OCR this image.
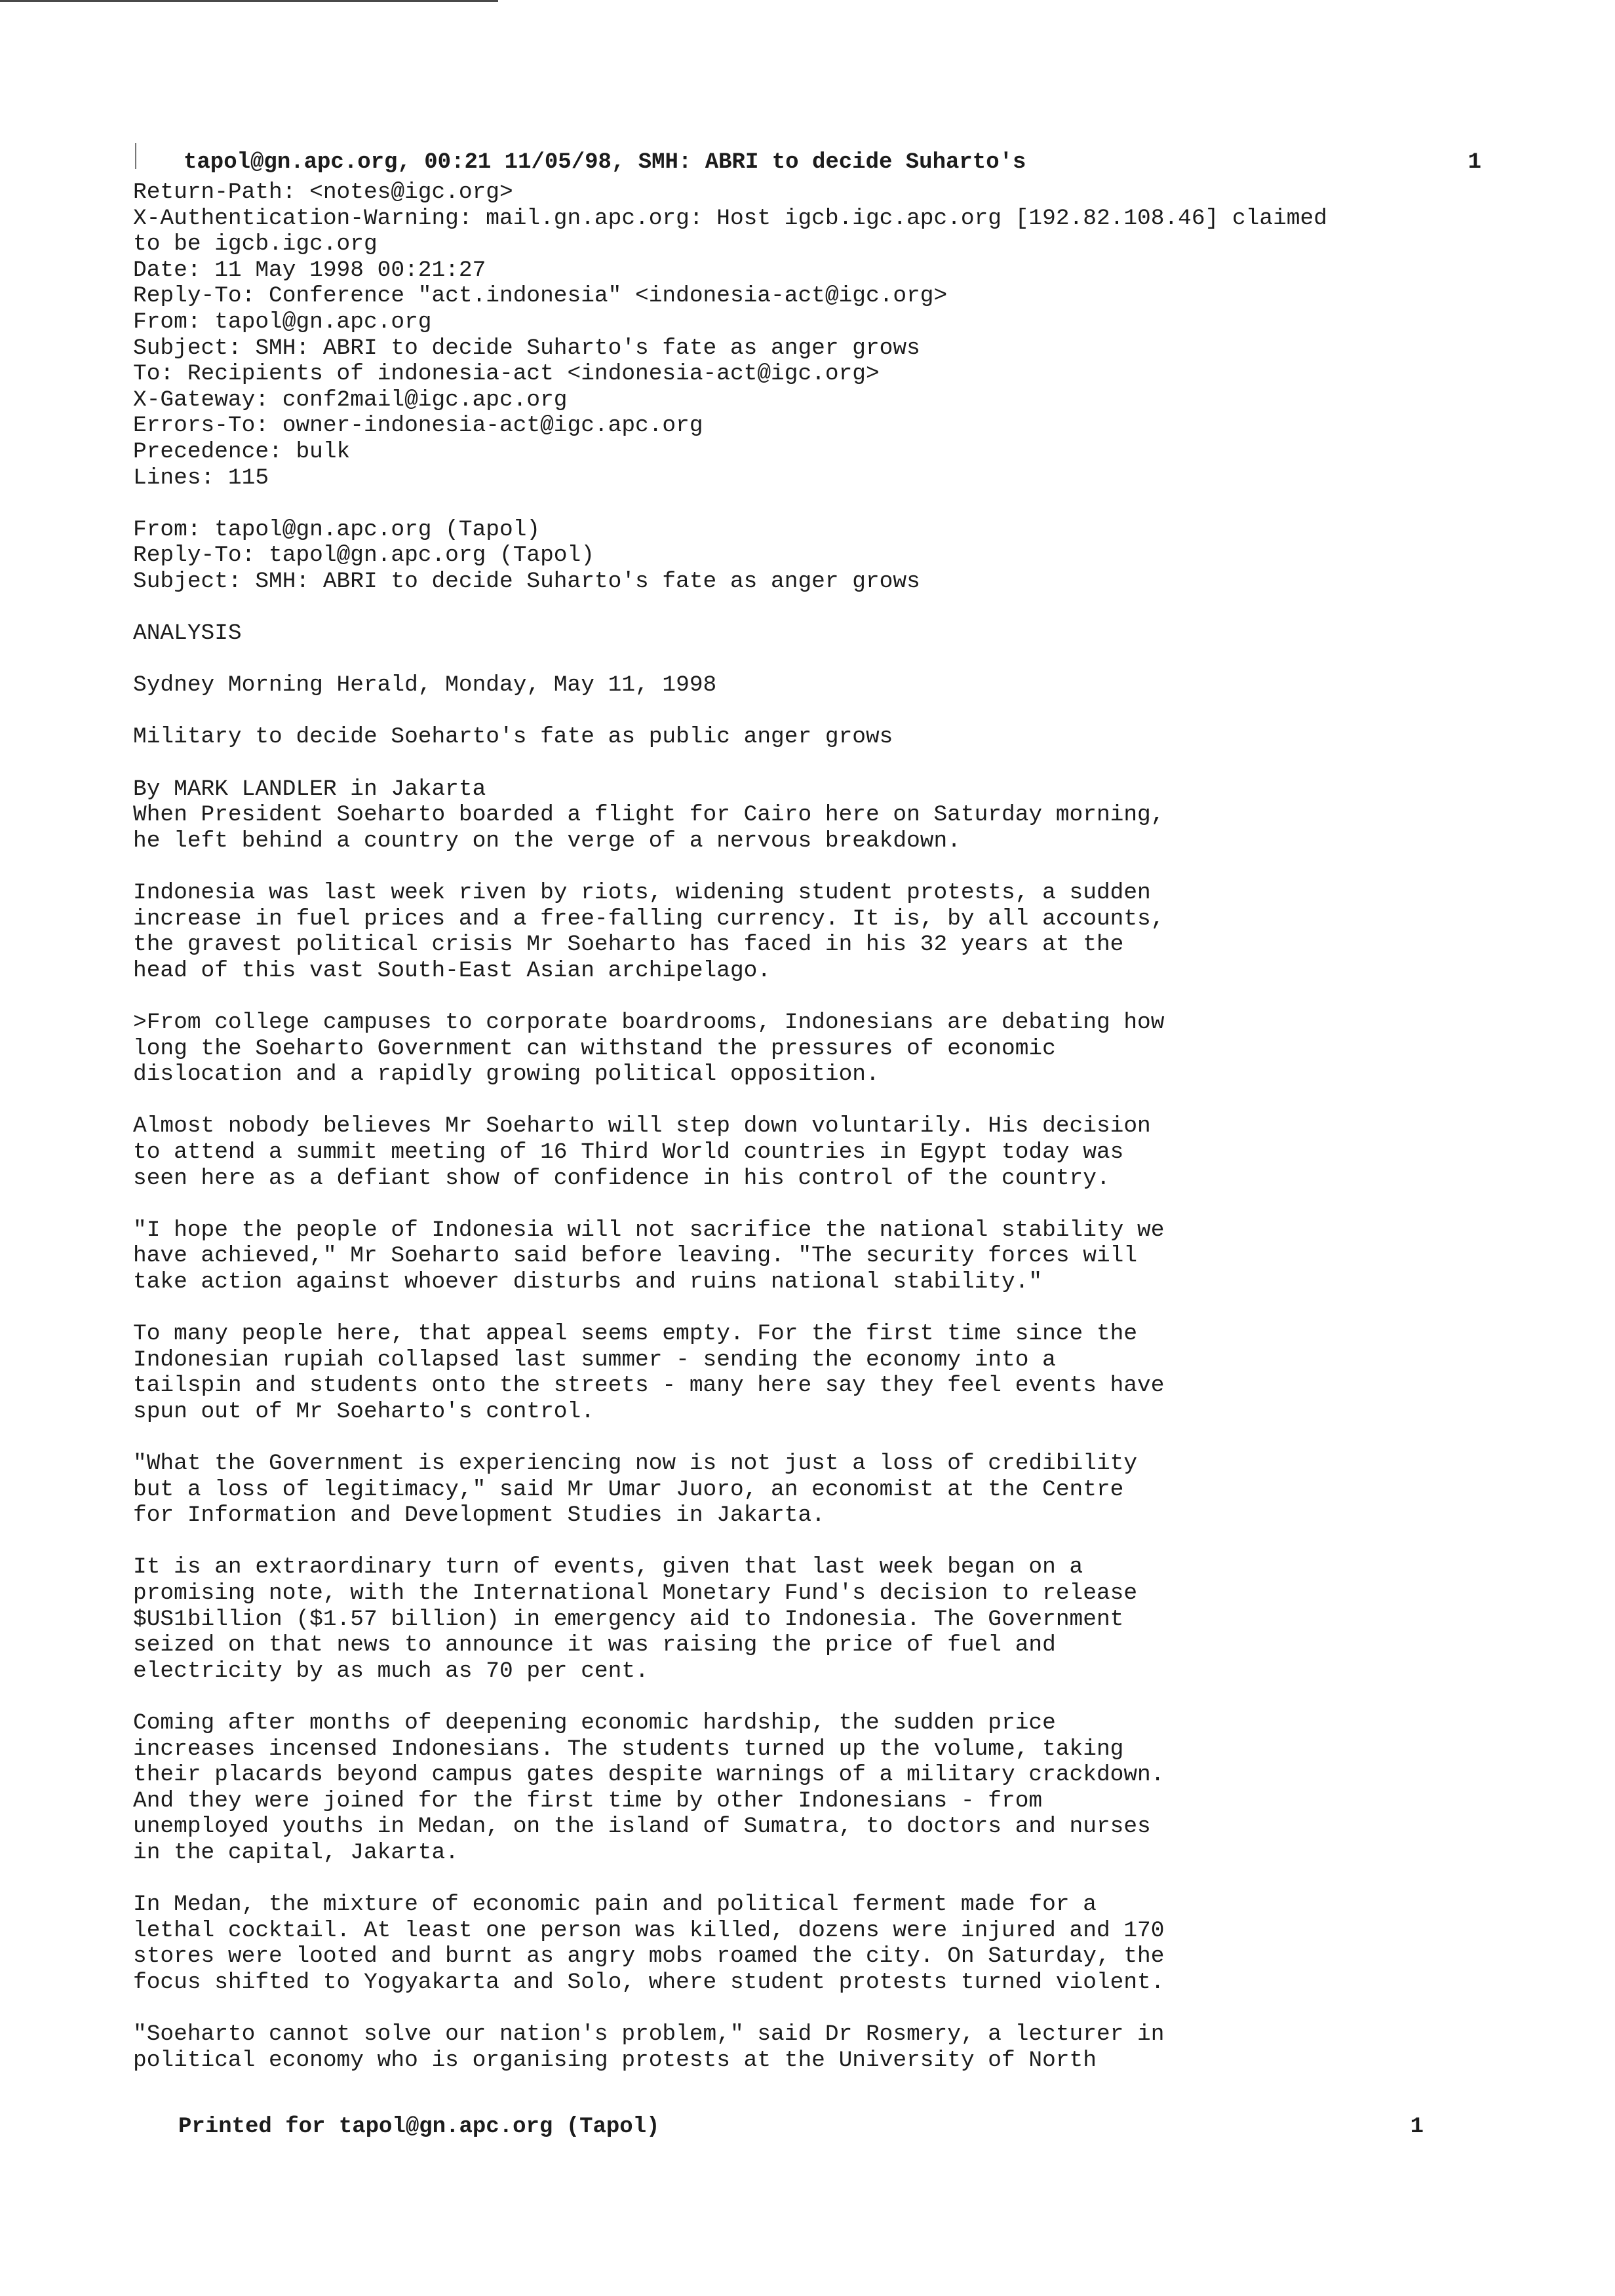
tapol@gn.apc.org, 00:21 11/05/98, SMH: ABRI to decide Suharto's	1
Return-Path: <notes@igc.org>
X-Authentication-Warning: mail.gn.apc.org: Host igcb.igc.apc.org [192.82.108.46] claimed
to be igcb.igc.org
Date: 11 May 1998 00:21:27
Reply-To: Conference "act.indonesia" <indonesia-act@igc.org>
From: tapol@gn.apc.org
Subject: SMH: ABRI to decide Suharto's fate as anger grows
To: Recipients of indonesia-act <indonesia-act@igc.org>
X-Gateway: conf2mail@igc.apc.org
Errors-To: owner-indonesia-act@igc.apc.org
Precedence: bulk
Lines: 115
From: tapol@gn.apc.org (Tapol)
Reply-To: tapol@gn.apc.org (Tapol)
Subject: SMH: ABRI to decide Suharto's fate as anger grows
ANALYSIS
Sydney Morning Herald, Monday, May 11, 1998
Military to decide Soeharto's fate as public anger grows
By MARK LANDLER in Jakarta
When President Soeharto boarded a flight for Cairo here on Saturday morning,
he left behind a country on the verge of a nervous breakdown.
Indonesia was last week riven by riots, widening student protests, a sudden
increase in fuel prices and a free-falling currency. It is, by all accounts,
the gravest political crisis Mr Soeharto has faced in his 32 years at the
head of this vast South-East Asian archipelago.
>From college campuses to corporate boardrooms, Indonesians are debating how
long the Soeharto Government can withstand the pressures of economic
dislocation and a rapidly growing political opposition.
Almost nobody believes Mr Soeharto will step down voluntarily. His decision
to attend a summit meeting of 16 Third World countries in Egypt today was
seen here as a defiant show of confidence in his control of the country.
"I hope the people of Indonesia will not sacrifice the national stability we
have achieved," Mr Soeharto said before leaving. "The security forces will
take action against whoever disturbs and ruins national stability."
To many people here, that appeal seems empty. For the first time since the
Indonesian rupiah collapsed last summer - sending the economy into a
tailspin and students onto the streets - many here say they feel events have
spun out of Mr Soeharto's control.
"What the Government is experiencing now is not just a loss of credibility
but a loss of legitimacy," said Mr Umar Juoro, an economist at the Centre
for Information and Development Studies in Jakarta.
It is an extraordinary turn of events, given that last week began on a
promising note, with the International Monetary Fund's decision to release
$US1billion ($1.57 billion) in emergency aid to Indonesia. The Government
seized on that news to announce it was raising the price of fuel and
electricity by as much as 70 per cent.
Coming after months of deepening economic hardship, the sudden price
increases incensed Indonesians. The students turned up the volume, taking
their placards beyond campus gates despite warnings of a military crackdown.
And they were joined for the first time by other Indonesians - from
unemployed youths in Medan, on the island of Sumatra, to doctors and nurses
in the capital, Jakarta.
In Medan, the mixture of economic pain and political ferment made for a
lethal cocktail. At least one person was killed, dozens were injured and 170
stores were looted and burnt as angry mobs roamed the city. On Saturday, the
focus shifted to Yogyakarta and Solo, where student protests turned violent.
"Soeharto cannot solve our nation's problem," said Dr Rosmery, a lecturer in
political economy who is organising protests at the University of North
Printed for tapol@gn.apc.org (Tapol)	1
